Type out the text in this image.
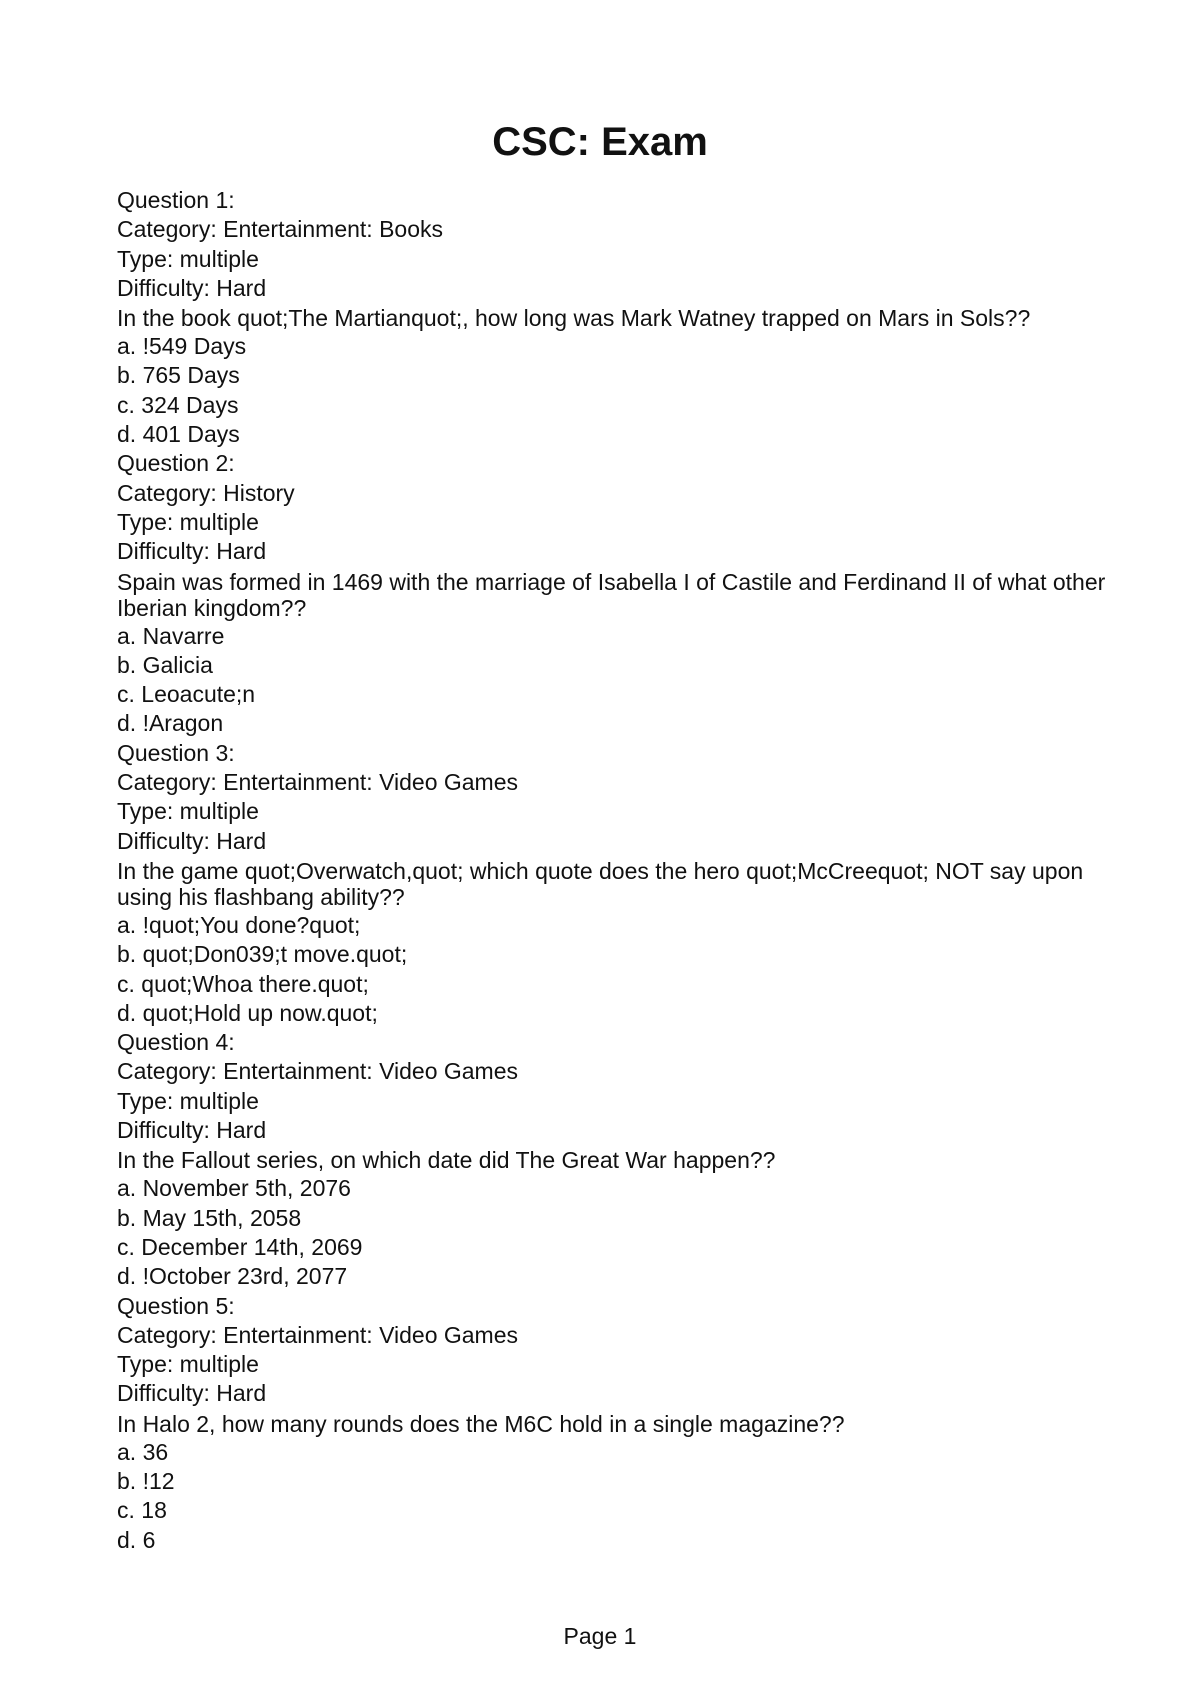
CSC: Exam
Question 1:
Category: Entertainment: Books
Type: multiple
Difficulty: Hard
In the book quot;The Martianquot;, how long was Mark Watney trapped on Mars in Sols??
a. !549 Days
b. 765 Days
c. 324 Days
d. 401 Days
Question 2:
Category: History
Type: multiple
Difficulty: Hard
Spain was formed in 1469 with the marriage of Isabella I of Castile and Ferdinand II of what other Iberian kingdom??
a. Navarre
b. Galicia
c. Leoacute;n
d. !Aragon
Question 3:
Category: Entertainment: Video Games
Type: multiple
Difficulty: Hard
In the game quot;Overwatch,quot; which quote does the hero quot;McCreequot; NOT say upon using his flashbang ability??
a. !quot;You done?quot;
b. quot;Don039;t move.quot;
c. quot;Whoa there.quot;
d. quot;Hold up now.quot;
Question 4:
Category: Entertainment: Video Games
Type: multiple
Difficulty: Hard
In the Fallout series, on which date did The Great War happen??
a. November 5th, 2076
b. May 15th, 2058
c. December 14th, 2069
d. !October 23rd, 2077
Question 5:
Category: Entertainment: Video Games
Type: multiple
Difficulty: Hard
In Halo 2, how many rounds does the M6C hold in a single magazine??
a. 36
b. !12
c. 18
d. 6
Page 1
